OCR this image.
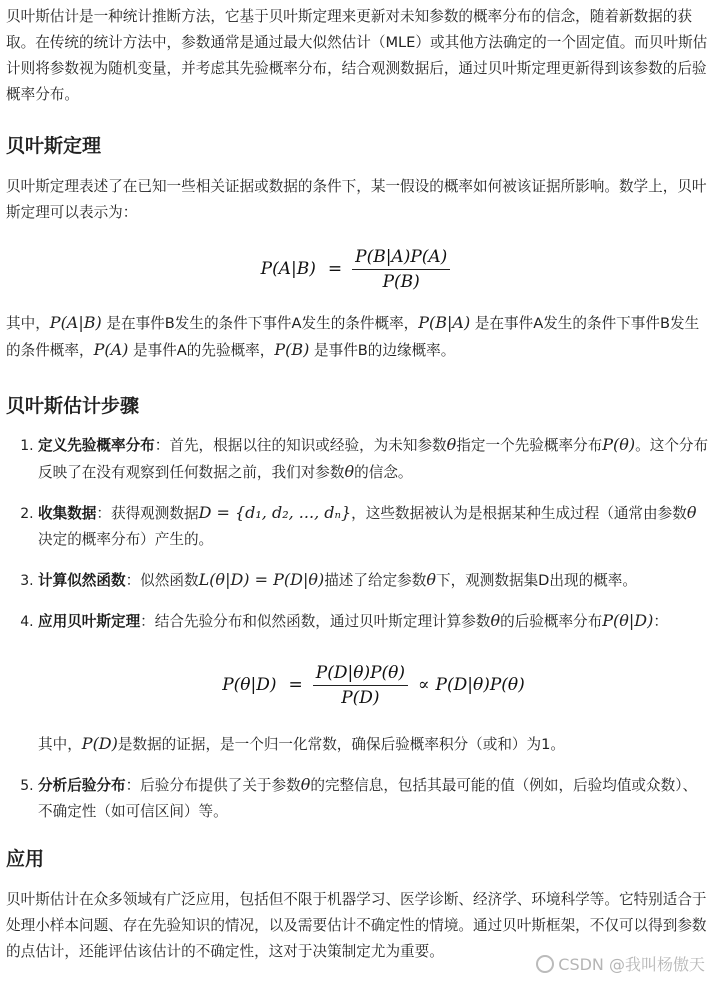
贝叶斯估计是一种统计推断方法，它基于贝叶斯定理来更新对未知参数的概率分布的信念，随着新数据的获取。在传统的统计方法中，参数通常是通过最大似然估计（MLE）或其他方法确定的一个固定值。而贝叶斯估计则将参数视为随机变量，并考虑其先验概率分布，结合观测数据后，通过贝叶斯定理更新得到该参数的后验概率分布。

贝叶斯定理

贝叶斯定理表述了在已知一些相关证据或数据的条件下，某一假设的概率如何被该证据所影响。数学上，贝叶斯定理可以表示为：

$P(A|B) = \frac{P(B|A)P(A)}{P(B)}$

其中，P(A|B) 是在事件B发生的条件下事件A发生的条件概率，P(B|A) 是在事件A发生的条件下事件B发生的条件概率，P(A) 是事件A的先验概率，P(B) 是事件B的边缘概率。

贝叶斯估计步骤
1. 定义先验概率分布：首先，根据以往的知识或经验，为未知参数θ指定一个先验概率分布P(θ)。这个分布反映了在没有观察到任何数据之前，我们对参数θ的信念。
2. 收集数据：获得观测数据D = {d₁, d₂, ..., dₙ}，这些数据被认为是根据某种生成过程（通常由参数θ决定的概率分布）产生的。
3. 计算似然函数：似然函数L(θ|D) = P(D|θ)描述了给定参数θ下，观测数据集D出现的概率。
4. 应用贝叶斯定理：结合先验分布和似然函数，通过贝叶斯定理计算参数θ的后验概率分布P(θ|D)：
$P(\theta|D) = \frac{P(D|\theta)P(\theta)}{P(D)} \propto P(D|\theta)P(\theta)$

其中，P(D)是数据的证据，是一个归一化常数，确保后验概率积分（或和）为1。

5. 分析后验分布：后验分布提供了关于参数θ的完整信息，包括其最可能的值（例如，后验均值或众数）、不确定性（如可信区间）等。
应用

贝叶斯估计在众多领域有广泛应用，包括但不限于机器学习、医学诊断、经济学、环境科学等。它特别适合于处理小样本问题、存在先验知识的情况，以及需要估计不确定性的情境。通过贝叶斯框架，不仅可以得到参数的点估计，还能评估该估计的不确定性，这对于决策制定尤为重要。

CSDN @我叫杨傲天
